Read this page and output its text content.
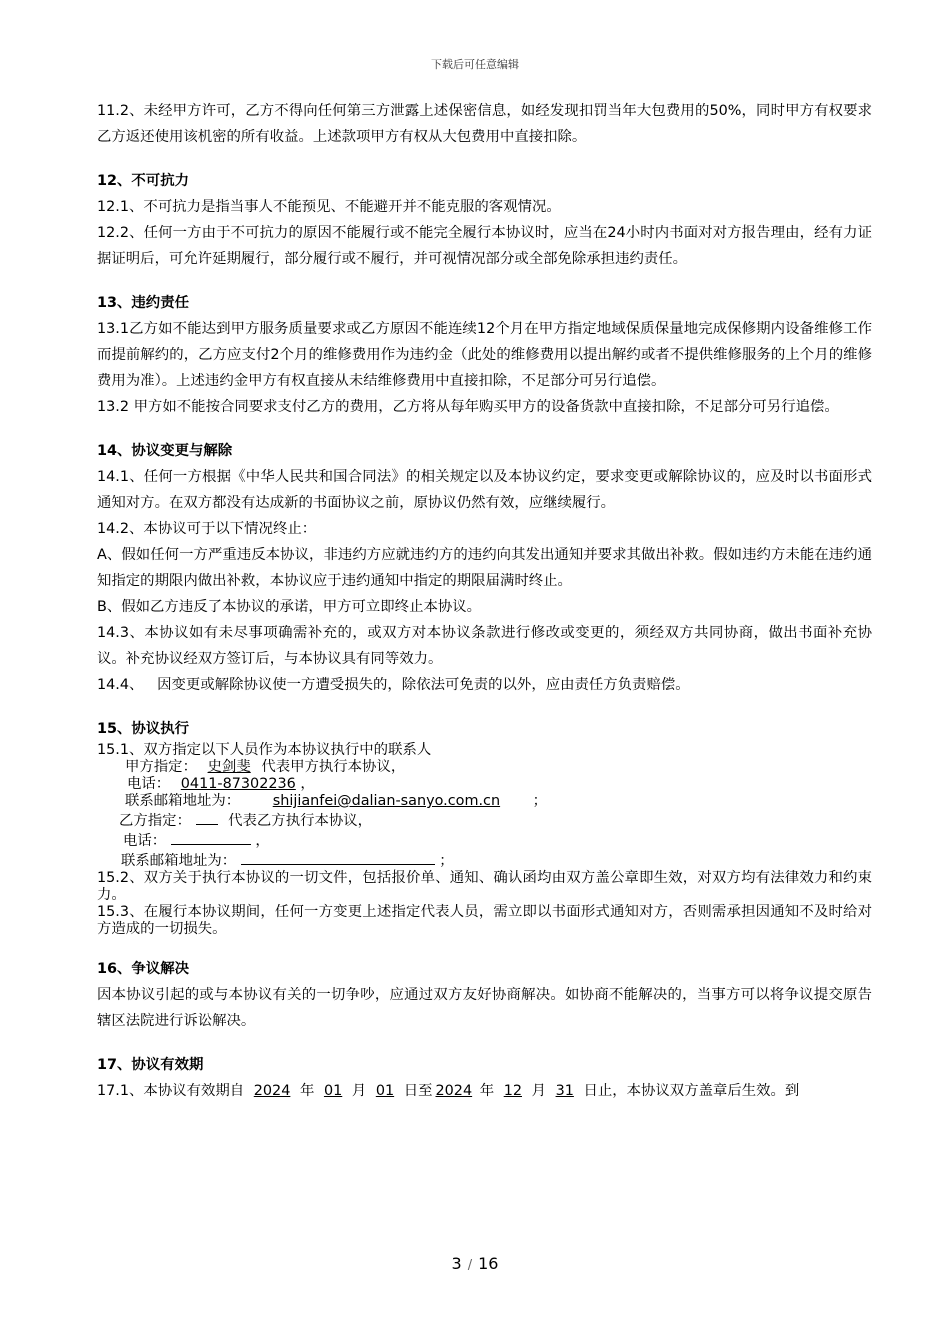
下载后可任意编辑

11.2、未经甲方许可，乙方不得向任何第三方泄露上述保密信息，如经发现扣罚当年大包费用的50%，同时甲方有权要求乙方返还使用该机密的所有收益。上述款项甲方有权从大包费用中直接扣除。

12、不可抗力

12.1、不可抗力是指当事人不能预见、不能避开并不能克服的客观情况。

12.2、任何一方由于不可抗力的原因不能履行或不能完全履行本协议时，应当在24小时内书面对对方报告理由，经有力证据证明后，可允许延期履行，部分履行或不履行，并可视情况部分或全部免除承担违约责任。

13、违约责任

13.1乙方如不能达到甲方服务质量要求或乙方原因不能连续12个月在甲方指定地域保质保量地完成保修期内设备维修工作而提前解约的，乙方应支付2个月的维修费用作为违约金（此处的维修费用以提出解约或者不提供维修服务的上个月的维修费用为准）。上述违约金甲方有权直接从未结维修费用中直接扣除，不足部分可另行追偿。

13.2 甲方如不能按合同要求支付乙方的费用，乙方将从每年购买甲方的设备货款中直接扣除，不足部分可另行追偿。

14、协议变更与解除

14.1、任何一方根据《中华人民共和国合同法》的相关规定以及本协议约定，要求变更或解除协议的，应及时以书面形式通知对方。在双方都没有达成新的书面协议之前，原协议仍然有效，应继续履行。

14.2、本协议可于以下情况终止：

A、假如任何一方严重违反本协议，非违约方应就违约方的违约向其发出通知并要求其做出补救。假如违约方未能在违约通知指定的期限内做出补救，本协议应于违约通知中指定的期限届满时终止。

B、假如乙方违反了本协议的承诺，甲方可立即终止本协议。

14.3、本协议如有未尽事项确需补充的，或双方对本协议条款进行修改或变更的，须经双方共同协商，做出书面补充协议。补充协议经双方签订后，与本协议具有同等效力。

14.4、   因变更或解除协议使一方遭受损失的，除依法可免责的以外，应由责任方负责赔偿。

15、协议执行

15.1、双方指定以下人员作为本协议执行中的联系人

甲方指定： 史剑斐 代表甲方执行本协议，

电话： 0411-87302236 ，

联系邮箱地址为： shijianfei@dalian-sanyo.com.cn ；

乙方指定：	代表乙方执行本协议，

电话：	，

联系邮箱地址为：	；

15.2、双方关于执行本协议的一切文件，包括报价单、通知、确认函均由双方盖公章即生效，对双方均有法律效力和约束力。

15.3、在履行本协议期间，任何一方变更上述指定代表人员，需立即以书面形式通知对方，否则需承担因通知不及时给对方造成的一切损失。

16、争议解决

因本协议引起的或与本协议有关的一切争吵，应通过双方友好协商解决。如协商不能解决的，当事方可以将争议提交原告辖区法院进行诉讼解决。

17、协议有效期

17.1、本协议有效期自 2024 年 01 月 01 日至 2024 年 12 月 31 日止，本协议双方盖章后生效。到

3 / 16
